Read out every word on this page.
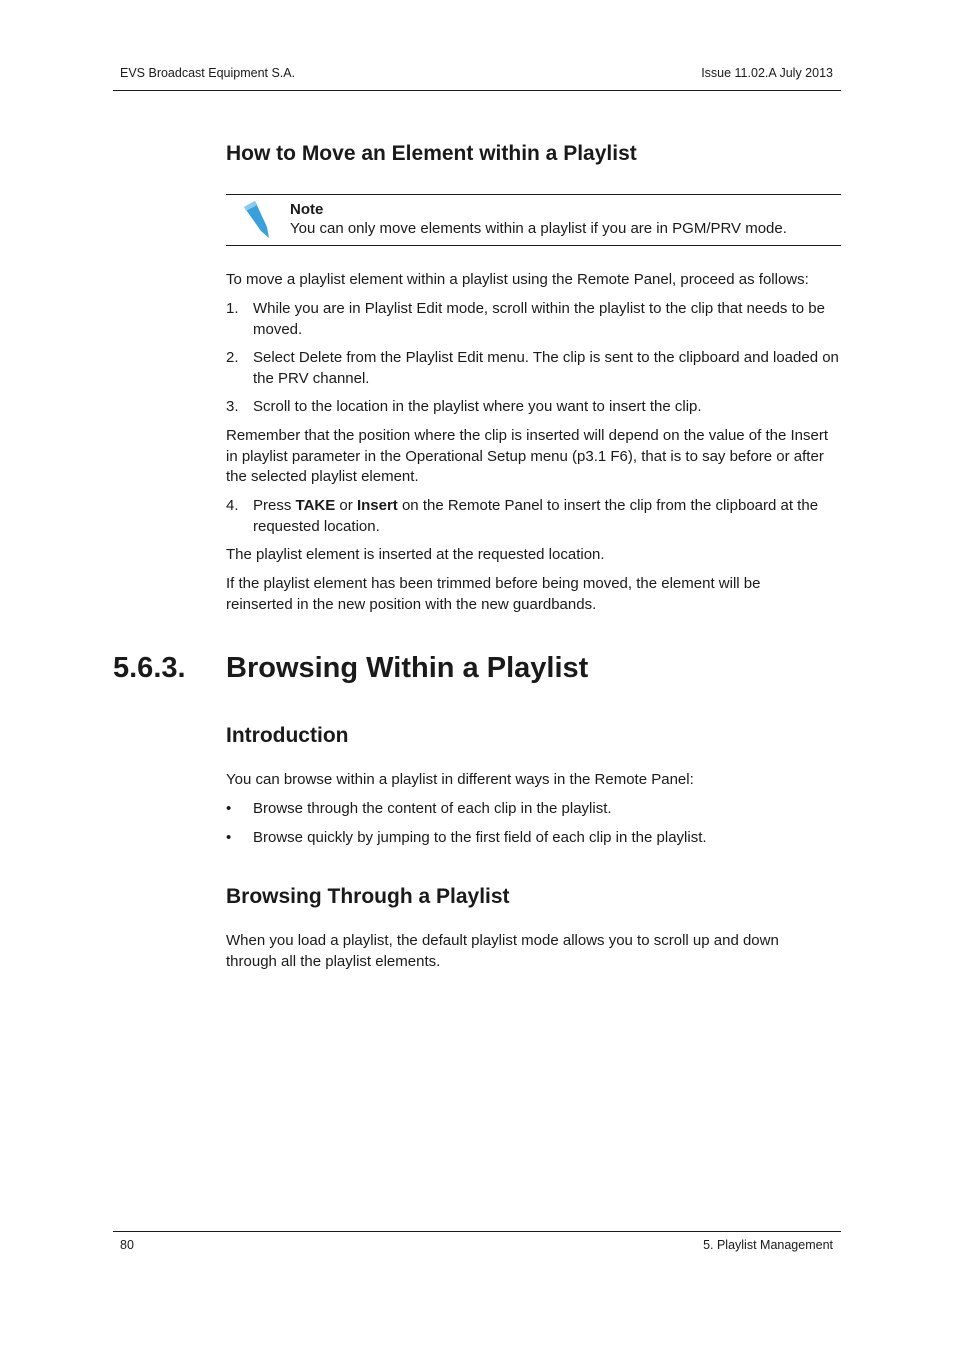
EVS Broadcast Equipment S.A.	Issue 11.02.A July 2013
How to Move an Element within a Playlist
Note
You can only move elements within a playlist if you are in PGM/PRV mode.
To move a playlist element within a playlist using the Remote Panel, proceed as follows:
1. While you are in Playlist Edit mode, scroll within the playlist to the clip that needs to be moved.
2. Select Delete from the Playlist Edit menu. The clip is sent to the clipboard and loaded on the PRV channel.
3. Scroll to the location in the playlist where you want to insert the clip.
Remember that the position where the clip is inserted will depend on the value of the Insert in playlist parameter in the Operational Setup menu (p3.1 F6), that is to say before or after the selected playlist element.
4. Press TAKE or Insert on the Remote Panel to insert the clip from the clipboard at the requested location.
The playlist element is inserted at the requested location.
If the playlist element has been trimmed before being moved, the element will be reinserted in the new position with the new guardbands.
5.6.3. Browsing Within a Playlist
Introduction
You can browse within a playlist in different ways in the Remote Panel:
• Browse through the content of each clip in the playlist.
• Browse quickly by jumping to the first field of each clip in the playlist.
Browsing Through a Playlist
When you load a playlist, the default playlist mode allows you to scroll up and down through all the playlist elements.
80	5. Playlist Management
